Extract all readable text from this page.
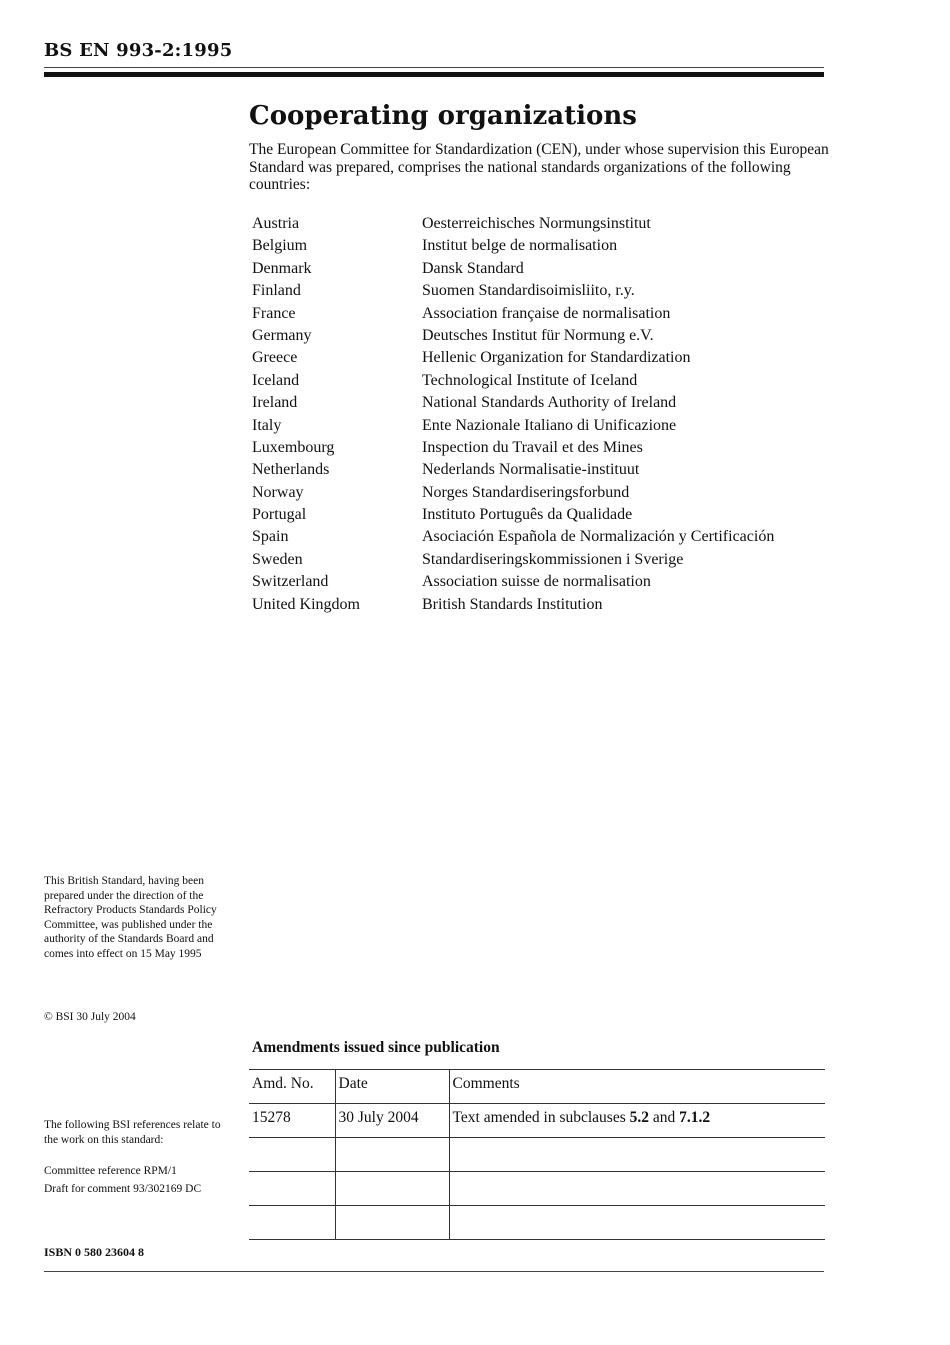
BS EN 993-2:1995
Cooperating organizations
The European Committee for Standardization (CEN), under whose supervision this European Standard was prepared, comprises the national standards organizations of the following countries:
Austria	Oesterreichisches Normungsinstitut
Belgium	Institut belge de normalisation
Denmark	Dansk Standard
Finland	Suomen Standardisoimisliito, r.y.
France	Association française de normalisation
Germany	Deutsches Institut für Normung e.V.
Greece	Hellenic Organization for Standardization
Iceland	Technological Institute of Iceland
Ireland	National Standards Authority of Ireland
Italy	Ente Nazionale Italiano di Unificazione
Luxembourg	Inspection du Travail et des Mines
Netherlands	Nederlands Normalisatie-instituut
Norway	Norges Standardiseringsforbund
Portugal	Instituto Português da Qualidade
Spain	Asociación Española de Normalización y Certificación
Sweden	Standardiseringskommissionen i Sverige
Switzerland	Association suisse de normalisation
United Kingdom	British Standards Institution
This British Standard, having been prepared under the direction of the Refractory Products Standards Policy Committee, was published under the authority of the Standards Board and comes into effect on 15 May 1995
© BSI 30 July 2004
The following BSI references relate to the work on this standard:
Committee reference RPM/1
Draft for comment 93/302169 DC
Amendments issued since publication
Amd. No.	Date	Comments
15278	30 July 2004	Text amended in subclauses 5.2 and 7.1.2

ISBN 0 580 23604 8
